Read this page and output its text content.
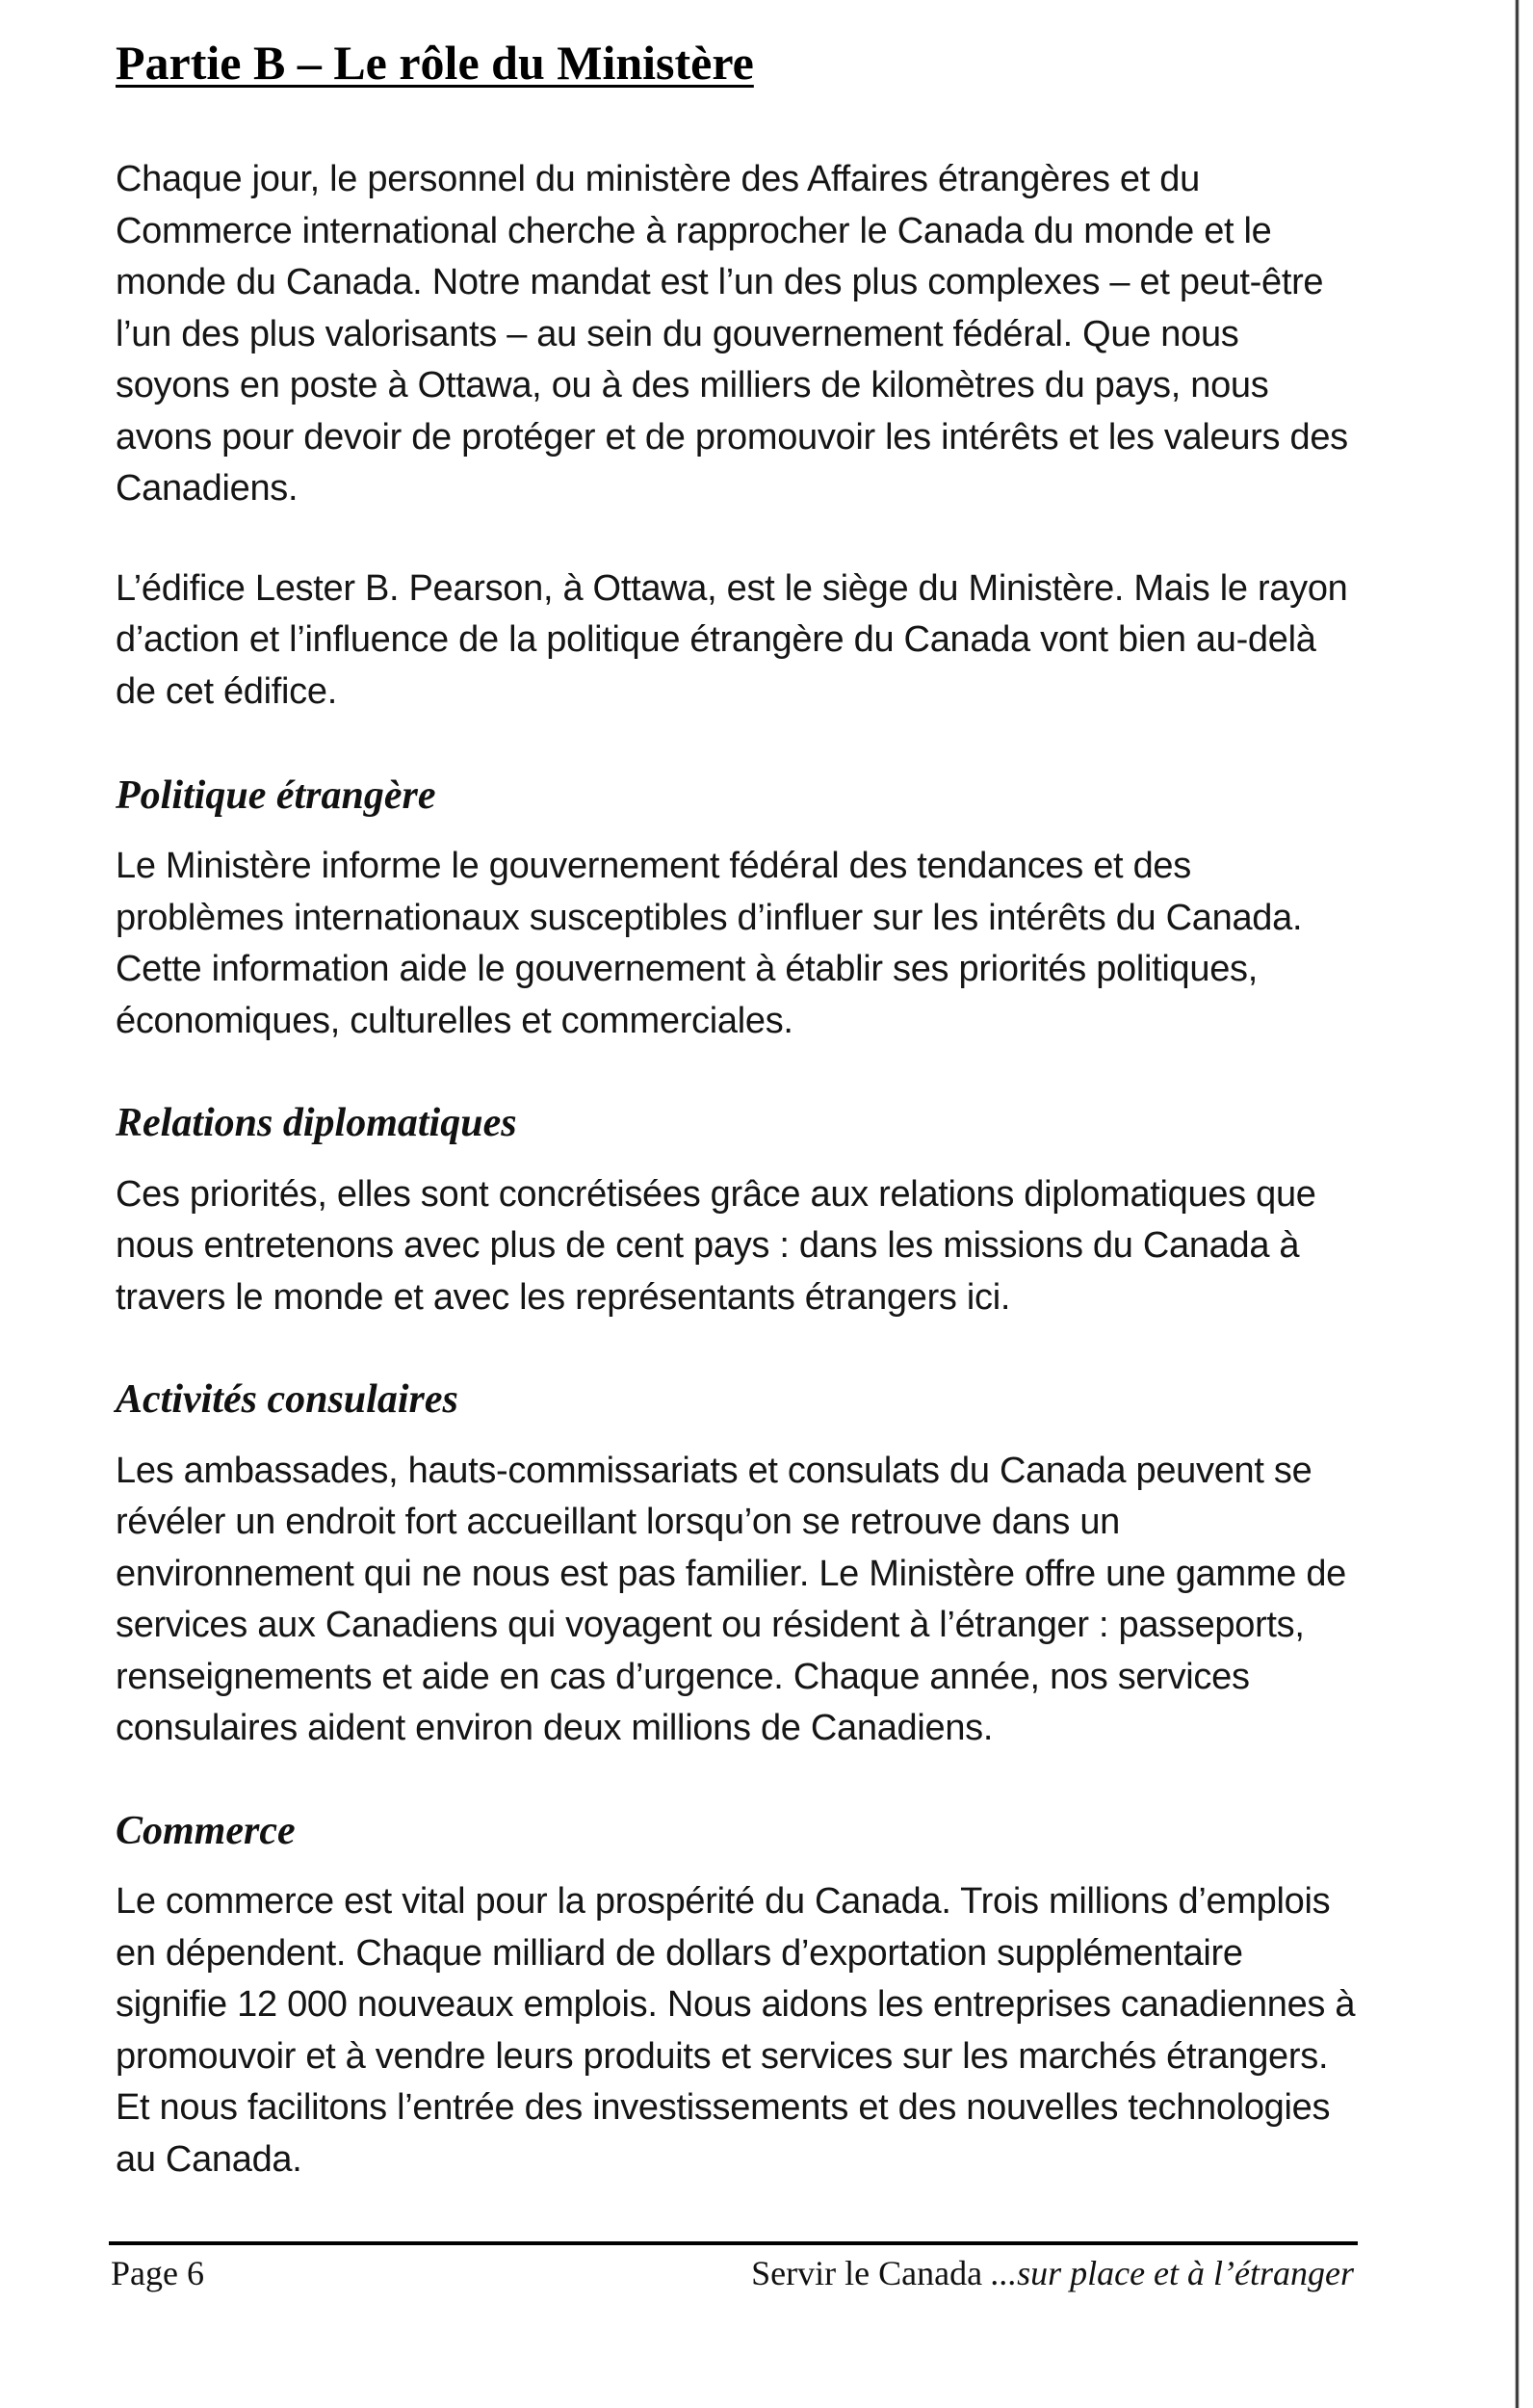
Partie B – Le rôle du Ministère

Chaque jour, le personnel du ministère des Affaires étrangères et du Commerce international cherche à rapprocher le Canada du monde et le monde du Canada. Notre mandat est l’un des plus complexes – et peut-être l’un des plus valorisants – au sein du gouvernement fédéral. Que nous soyons en poste à Ottawa, ou à des milliers de kilomètres du pays, nous avons pour devoir de protéger et de promouvoir les intérêts et les valeurs des Canadiens.

L’édifice Lester B. Pearson, à Ottawa, est le siège du Ministère. Mais le rayon d’action et l’influence de la politique étrangère du Canada vont bien au-delà de cet édifice.

Politique étrangère

Le Ministère informe le gouvernement fédéral des tendances et des problèmes internationaux susceptibles d’influer sur les intérêts du Canada. Cette information aide le gouvernement à établir ses priorités politiques, économiques, culturelles et commerciales.

Relations diplomatiques

Ces priorités, elles sont concrétisées grâce aux relations diplomatiques que nous entretenons avec plus de cent pays : dans les missions du Canada à travers le monde et avec les représentants étrangers ici.

Activités consulaires

Les ambassades, hauts-commissariats et consulats du Canada peuvent se révéler un endroit fort accueillant lorsqu’on se retrouve dans un environnement qui ne nous est pas familier. Le Ministère offre une gamme de services aux Canadiens qui voyagent ou résident à l’étranger : passeports, renseignements et aide en cas d’urgence. Chaque année, nos services consulaires aident environ deux millions de Canadiens.

Commerce

Le commerce est vital pour la prospérité du Canada. Trois millions d’emplois en dépendent. Chaque milliard de dollars d’exportation supplémentaire signifie 12 000 nouveaux emplois. Nous aidons les entreprises canadiennes à promouvoir et à vendre leurs produits et services sur les marchés étrangers. Et nous facilitons l’entrée des investissements et des nouvelles technologies au Canada.

Page 6	Servir le Canada ...sur place et à l’étranger
